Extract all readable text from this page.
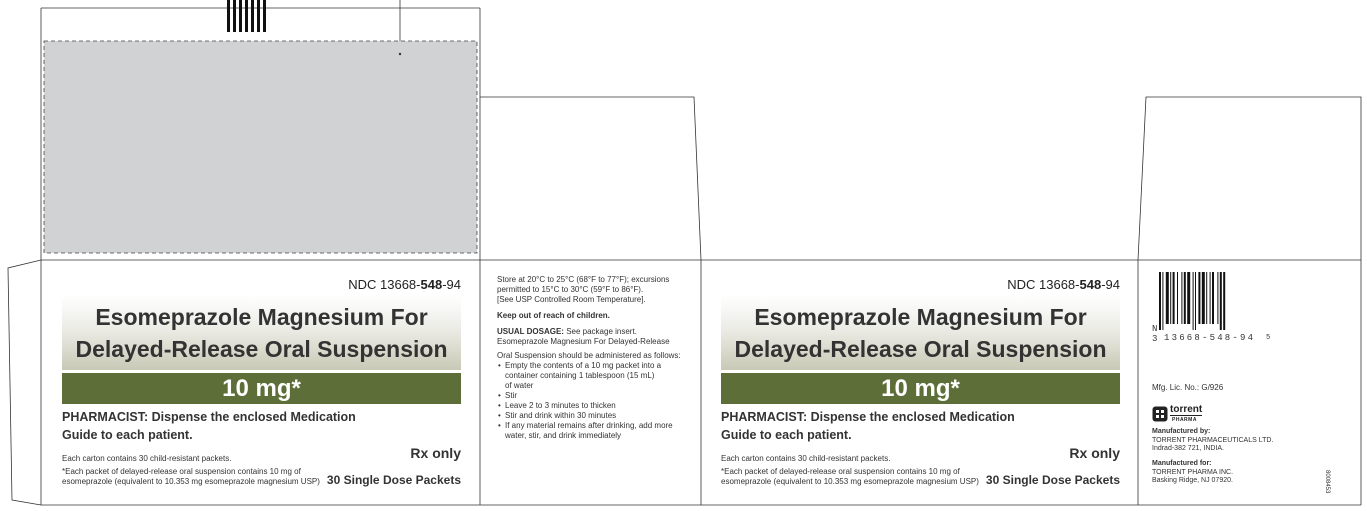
NDC 13668-548-94
Esomeprazole Magnesium For
Delayed-Release Oral Suspension
10 mg*
PHARMACIST: Dispense the enclosed Medication
Guide to each patient.
Rx only
Each carton contains 30 child-resistant packets.
*Each packet of delayed-release oral suspension contains 10 mg of
esomeprazole (equivalent to 10.353 mg esomeprazole magnesium USP) 30 Single Dose Packets

Store at 20°C to 25°C (68°F to 77°F); excursions

permitted to 15°C to 30°C (59°F to 86°F).

[See USP Controlled Room Temperature].

Keep out of reach of children.

USUAL DOSAGE: See package insert.

Esomeprazole Magnesium For Delayed-Release

Oral Suspension should be administered as follows:

• Empty the contents of a 10 mg packet into a
container containing 1 tablespoon (15 mL)
of water
• Stir
• Leave 2 to 3 minutes to thicken
• Stir and drink within 30 minutes
• If any material remains after drinking, add more
water, stir, and drink immediately
NDC 13668-548-94
Esomeprazole Magnesium For
Delayed-Release Oral Suspension
10 mg*
PHARMACIST: Dispense the enclosed Medication
Guide to each patient.
Rx only
Each carton contains 30 child-resistant packets.
*Each packet of delayed-release oral suspension contains 10 mg of
esomeprazole (equivalent to 10.353 mg esomeprazole magnesium USP) 30 Single Dose Packets
N
3 13668-548-94 5
Mfg. Lic. No.: G/926
torrent
PHARMA
Manufactured by:
TORRENT PHARMACEUTICALS LTD.
Indrad-382 721, INDIA.
Manufactured for:
TORRENT PHARMA INC.
Basking Ridge, NJ 07920.	8008453
